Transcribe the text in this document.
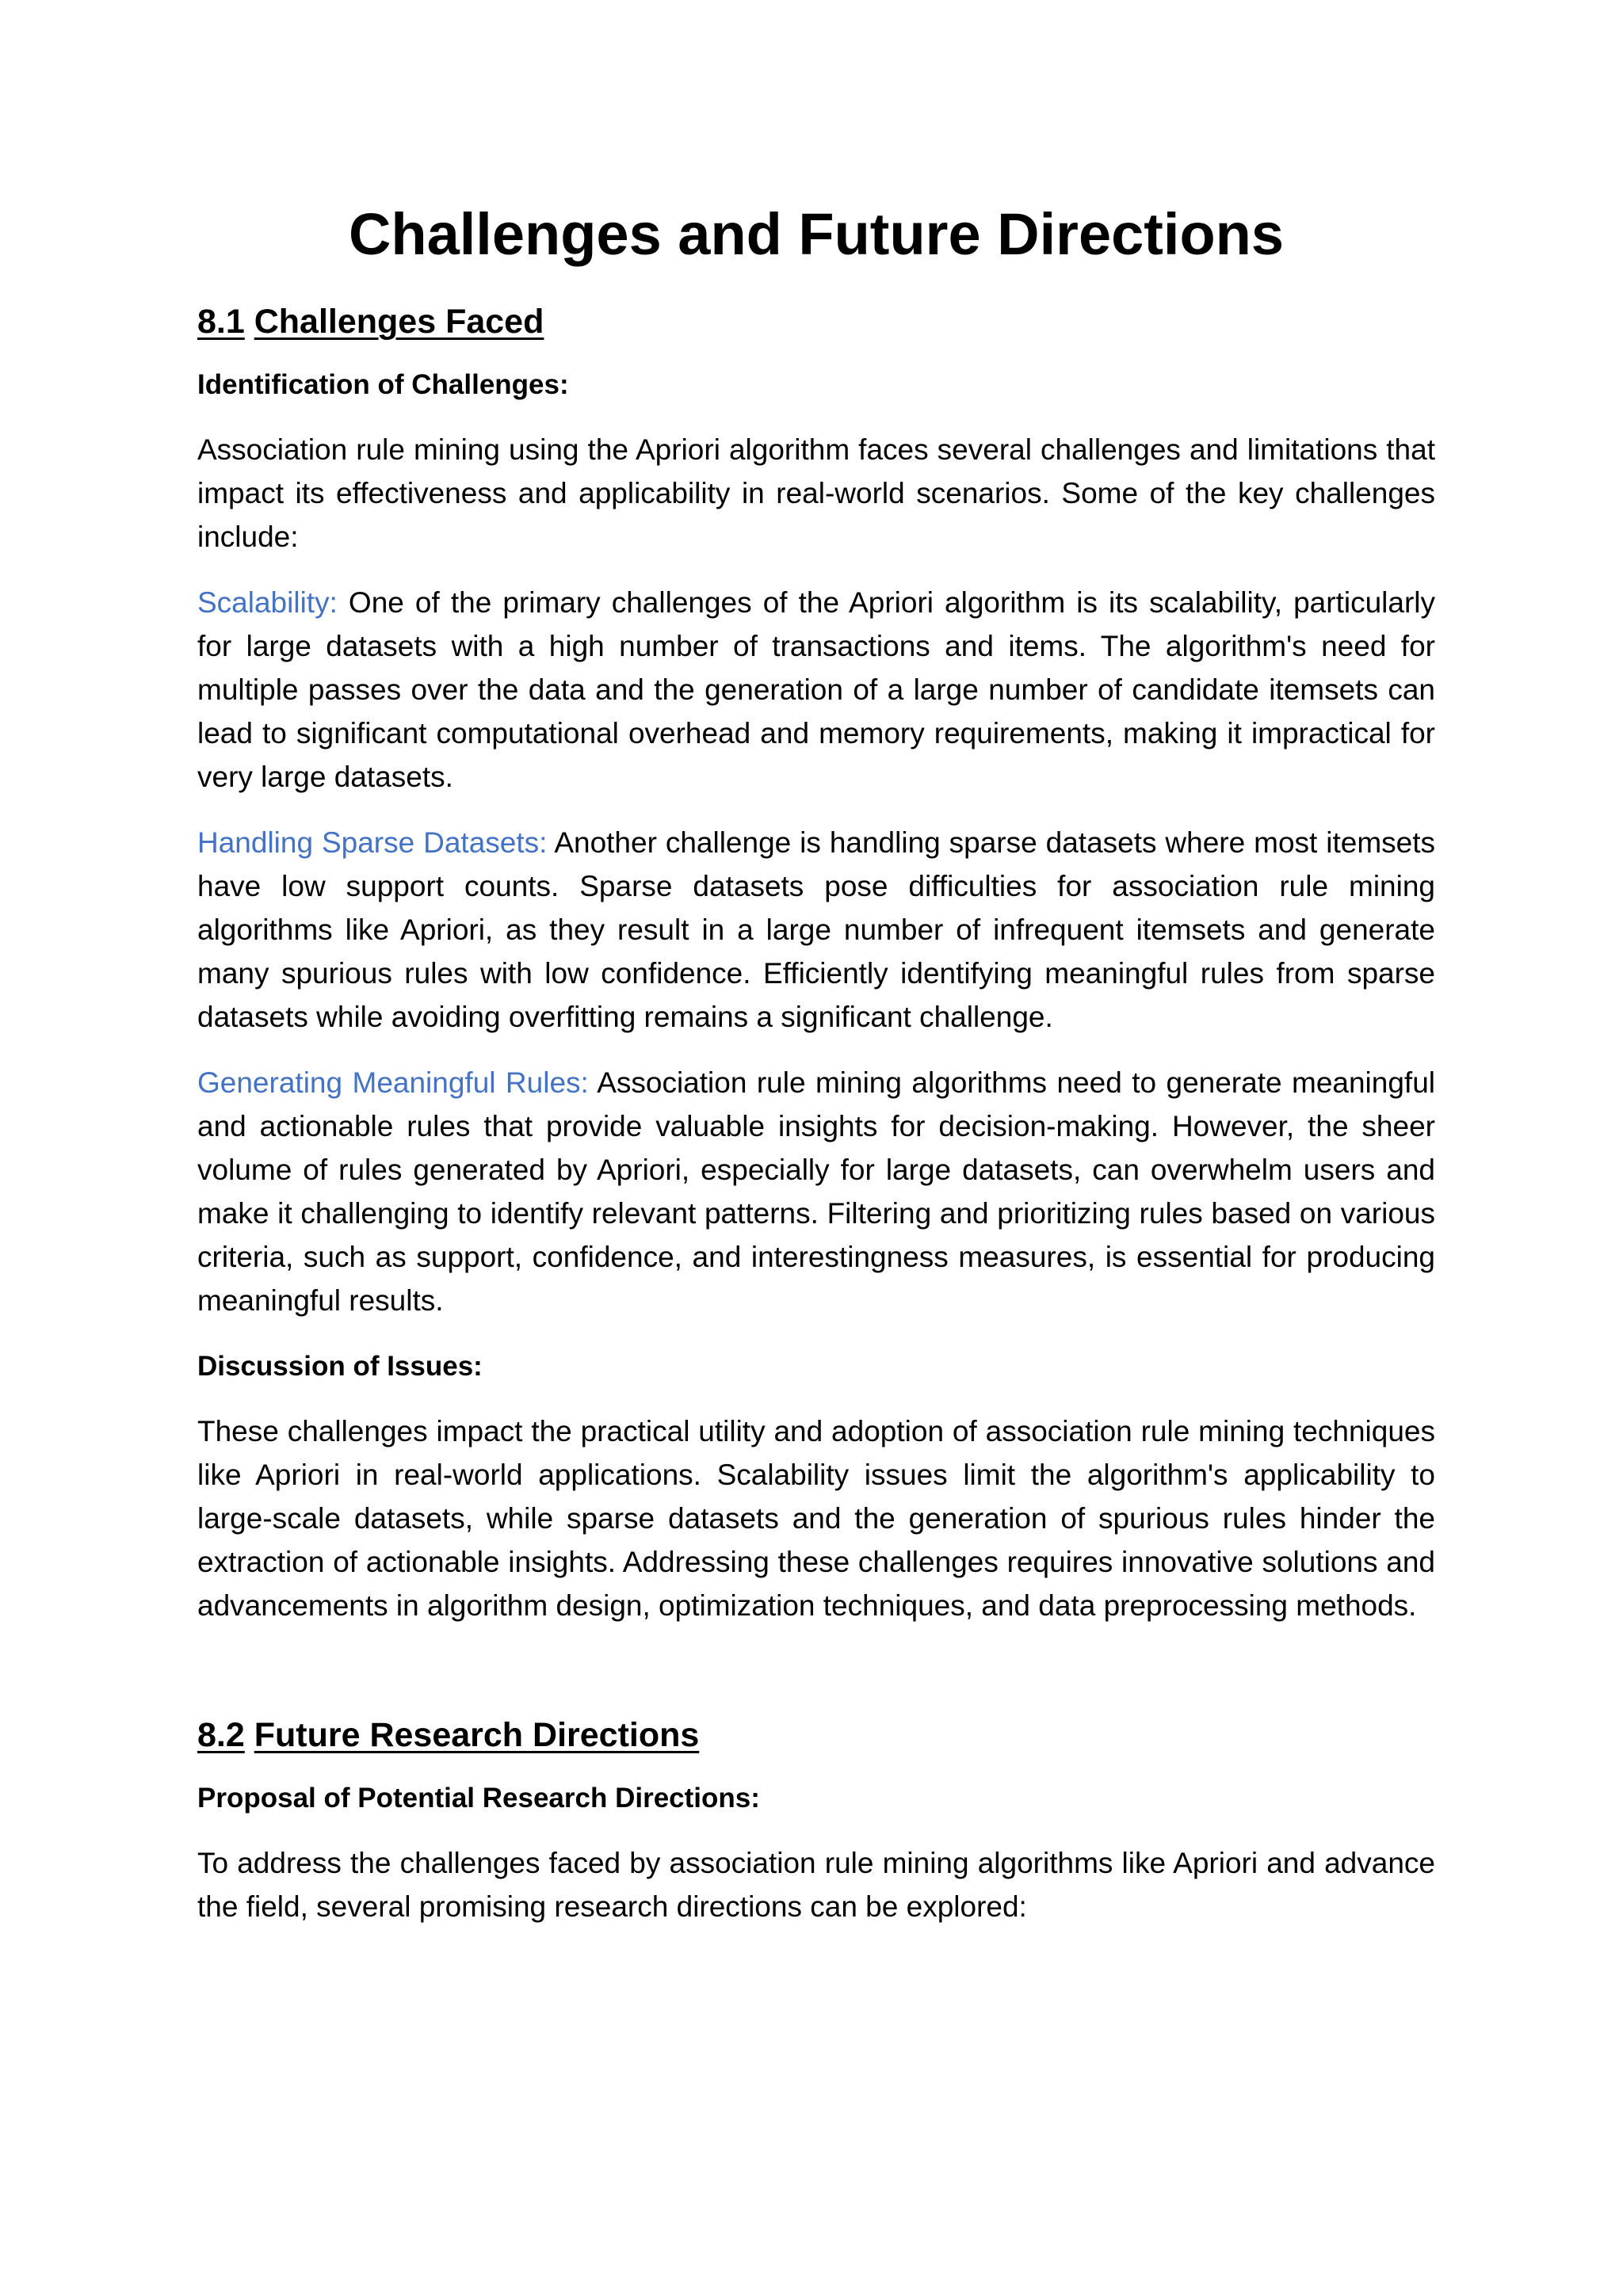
Challenges and Future Directions
8.1 Challenges Faced

Identification of Challenges:

Association rule mining using the Apriori algorithm faces several challenges and limitations that impact its effectiveness and applicability in real-world scenarios. Some of the key challenges include:

Scalability: One of the primary challenges of the Apriori algorithm is its scalability, particularly for large datasets with a high number of transactions and items. The algorithm's need for multiple passes over the data and the generation of a large number of candidate itemsets can lead to significant computational overhead and memory requirements, making it impractical for very large datasets.

Handling Sparse Datasets: Another challenge is handling sparse datasets where most itemsets have low support counts. Sparse datasets pose difficulties for association rule mining algorithms like Apriori, as they result in a large number of infrequent itemsets and generate many spurious rules with low confidence. Efficiently identifying meaningful rules from sparse datasets while avoiding overfitting remains a significant challenge.

Generating Meaningful Rules: Association rule mining algorithms need to generate meaningful and actionable rules that provide valuable insights for decision-making. However, the sheer volume of rules generated by Apriori, especially for large datasets, can overwhelm users and make it challenging to identify relevant patterns. Filtering and prioritizing rules based on various criteria, such as support, confidence, and interestingness measures, is essential for producing meaningful results.

Discussion of Issues:

These challenges impact the practical utility and adoption of association rule mining techniques like Apriori in real-world applications. Scalability issues limit the algorithm's applicability to large-scale datasets, while sparse datasets and the generation of spurious rules hinder the extraction of actionable insights. Addressing these challenges requires innovative solutions and advancements in algorithm design, optimization techniques, and data preprocessing methods.

8.2 Future Research Directions

Proposal of Potential Research Directions:

To address the challenges faced by association rule mining algorithms like Apriori and advance the field, several promising research directions can be explored:
